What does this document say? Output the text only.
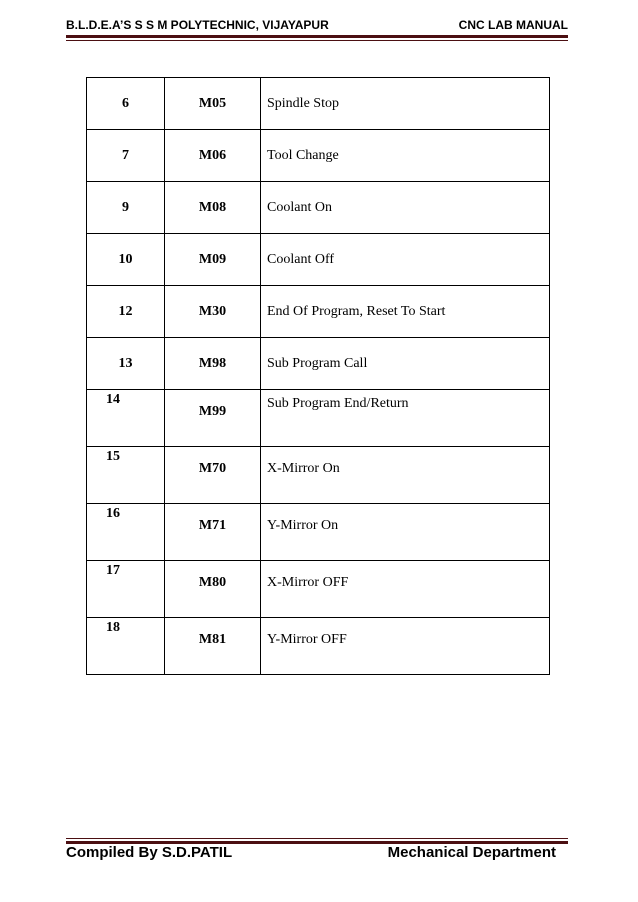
B.L.D.E.A’S S S M POLYTECHNIC, VIJAYAPUR	CNC LAB MANUAL
6	M05	Spindle Stop
7	M06	Tool Change
9	M08	Coolant On
10	M09	Coolant Off
12	M30	End Of Program, Reset To Start
13	M98	Sub Program Call
14	M99	Sub Program End/Return
15	M70	X-Mirror On
16	M71	Y-Mirror On
17	M80	X-Mirror OFF
18	M81	Y-Mirror OFF
Compiled By S.D.PATIL	Mechanical Department
